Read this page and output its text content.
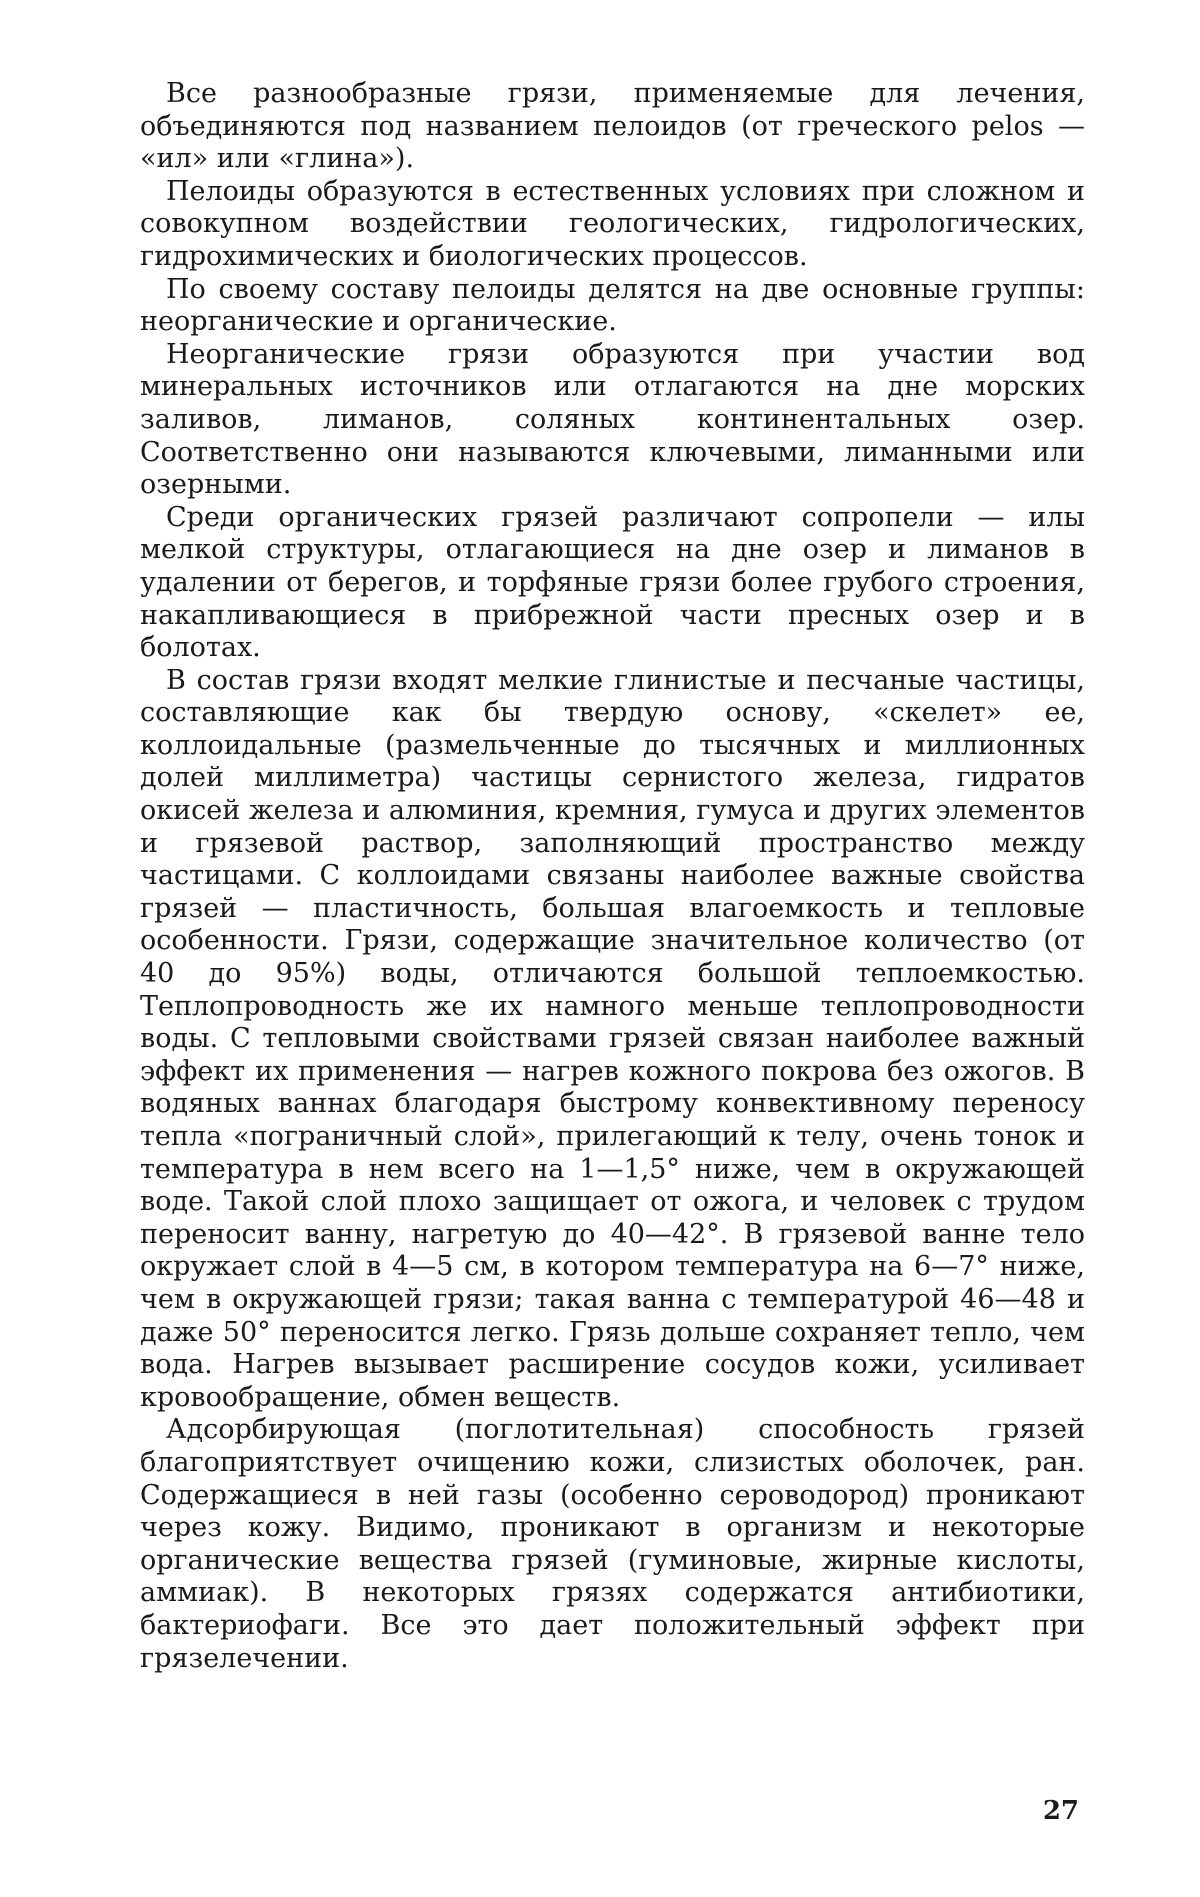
Все разнообразные грязи, применяемые для лечения, объединяются под названием пелоидов (от греческого pelos — «ил» или «глина»).

Пелоиды образуются в естественных условиях при сложном и совокупном воздействии геологических, гидрологических, гидрохимических и биологических процессов.

По своему составу пелоиды делятся на две основные группы: неорганические и органические.

Неорганические грязи образуются при участии вод минеральных источников или отлагаются на дне морских заливов, лиманов, соляных континентальных озер. Соответственно они называются ключевыми, лиманными или озерными.

Среди органических грязей различают сопропели — илы мелкой структуры, отлагающиеся на дне озер и лиманов в удалении от берегов, и торфяные грязи более грубого строения, накапливающиеся в прибрежной части пресных озер и в болотах.

В состав грязи входят мелкие глинистые и песчаные частицы, составляющие как бы твердую основу, «скелет» ее, коллоидальные (размельченные до тысячных и миллионных долей миллиметра) частицы сернистого железа, гидратов окисей железа и алюминия, кремния, гумуса и других элементов и грязевой раствор, заполняющий пространство между частицами. С коллоидами связаны наиболее важные свойства грязей — пластичность, большая влагоемкость и тепловые особенности. Грязи, содержащие значительное количество (от 40 до 95%) воды, отличаются большой теплоемкостью. Теплопроводность же их намного меньше теплопроводности воды. С тепловыми свойствами грязей связан наиболее важный эффект их применения — нагрев кожного покрова без ожогов. В водяных ваннах благодаря быстрому конвективному переносу тепла «пограничный слой», прилегающий к телу, очень тонок и температура в нем всего на 1—1,5° ниже, чем в окружающей воде. Такой слой плохо защищает от ожога, и человек с трудом переносит ванну, нагретую до 40—42°. В грязевой ванне тело окружает слой в 4—5 см, в котором температура на 6—7° ниже, чем в окружающей грязи; такая ванна с температурой 46—48 и даже 50° переносится легко. Грязь дольше сохраняет тепло, чем вода. Нагрев вызывает расширение сосудов кожи, усиливает кровообращение, обмен веществ.

Адсорбирующая (поглотительная) способность грязей благоприятствует очищению кожи, слизистых оболочек, ран. Содержащиеся в ней газы (особенно сероводород) проникают через кожу. Видимо, проникают в организм и некоторые органические вещества грязей (гуминовые, жирные кислоты, аммиак). В некоторых грязях содержатся антибиотики, бактериофаги. Все это дает положительный эффект при грязелечении.

27
